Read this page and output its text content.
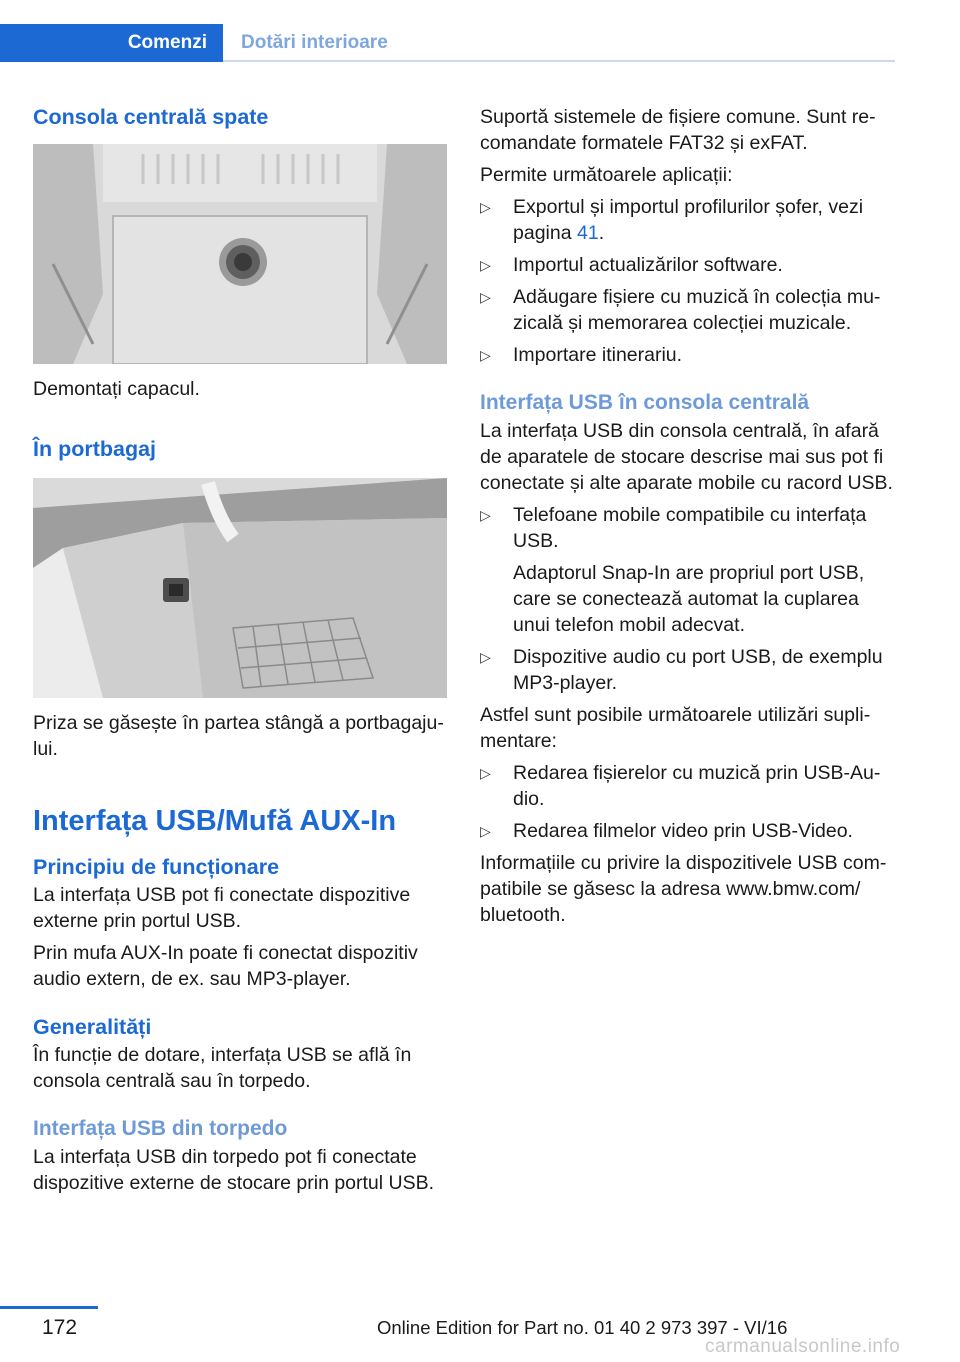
Comenzi	Dotări interioare
Consola centrală spate

Demontați capacul.

În portbagaj

Priza se găsește în partea stângă a portbagajului.

Interfața USB/Mufă AUX-In
Principiu de funcționare

La interfața USB pot fi conectate dispozitive externe prin portul USB.

Prin mufa AUX-In poate fi conectat dispozitiv audio extern, de ex. sau MP3-player.

Generalități

În funcție de dotare, interfața USB se află în consola centrală sau în torpedo.

Interfața USB din torpedo

La interfața USB din torpedo pot fi conectate dispozitive externe de stocare prin portul USB.

Suportă sistemele de fișiere comune. Sunt recomandate formatele FAT32 și exFAT.

Permite următoarele aplicații:

▷ Exportul și importul profilurilor șofer, vezi pagina 41.
▷ Importul actualizărilor software.
▷ Adăugare fișiere cu muzică în colecția muzicală și memorarea colecției muzicale.
▷ Importare itinerariu.
Interfața USB în consola centrală

La interfața USB din consola centrală, în afară de aparatele de stocare descrise mai sus pot fi conectate și alte aparate mobile cu racord USB.

▷ Telefoane mobile compatibile cu interfața USB.
Adaptorul Snap-In are propriul port USB, care se conectează automat la cuplarea unui telefon mobil adecvat.
▷ Dispozitive audio cu port USB, de exemplu MP3-player.

Astfel sunt posibile următoarele utilizări suplimentare:

▷ Redarea fișierelor cu muzică prin USB-Audio.
▷ Redarea filmelor video prin USB-Video.

Informațiile cu privire la dispozitivele USB compatibile se găsesc la adresa www.bmw.com/ bluetooth.

172	Online Edition for Part no. 01 40 2 973 397 - VI/16
carmanualsonline.info
